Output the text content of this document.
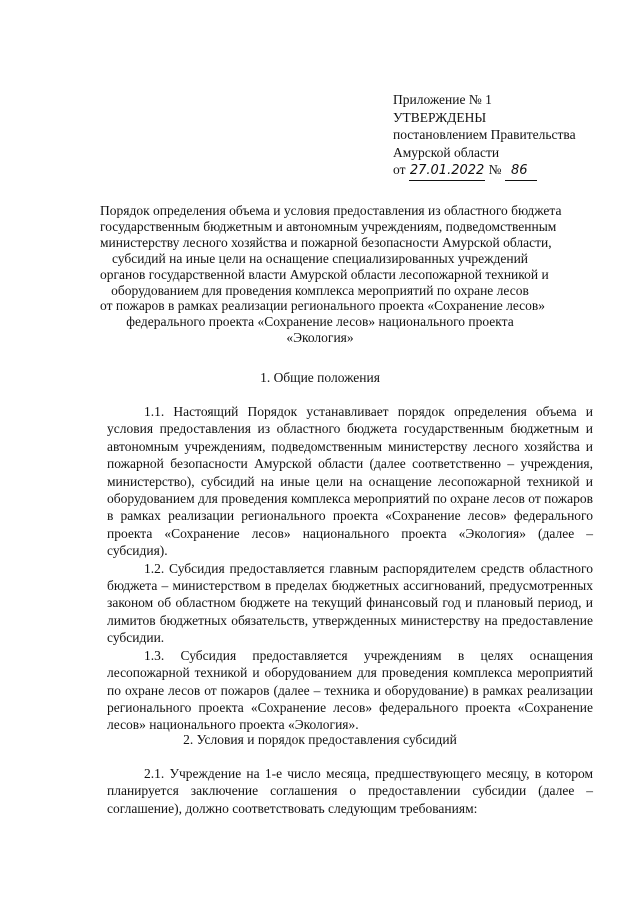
Приложение № 1
УТВЕРЖДЕНЫ
постановлением Правительства
Амурской области
от 27.01.2022 № 86
Порядок определения объема и условия предоставления из областного бюджета
государственным бюджетным и автономным учреждениям, подведомственным
министерству лесного хозяйства и пожарной безопасности Амурской области,
субсидий на иные цели на оснащение специализированных учреждений
органов государственной власти Амурской области лесопожарной техникой и
оборудованием для проведения комплекса мероприятий по охране лесов
от пожаров в рамках реализации регионального проекта «Сохранение лесов»
федерального проекта «Сохранение лесов» национального проекта
«Экология»
1. Общие положения

1.1. Настоящий Порядок устанавливает порядок определения объема и условия предоставления из областного бюджета государственным бюджетным и автономным учреждениям, подведомственным министерству лесного хозяйства и пожарной безопасности Амурской области (далее соответственно – учреждения, министерство), субсидий на иные цели на оснащение лесопожарной техникой и оборудованием для проведения комплекса мероприятий по охране лесов от пожаров в рамках реализации регионального проекта «Сохранение лесов» федерального проекта «Сохранение лесов» национального проекта «Экология» (далее – субсидия).

1.2. Субсидия предоставляется главным распорядителем средств областного бюджета – министерством в пределах бюджетных ассигнований, предусмотренных законом об областном бюджете на текущий финансовый год и плановый период, и лимитов бюджетных обязательств, утвержденных министерству на предоставление субсидии.

1.3. Субсидия предоставляется учреждениям в целях оснащения лесопожарной техникой и оборудованием для проведения комплекса мероприятий по охране лесов от пожаров (далее – техника и оборудование) в рамках реализации регионального проекта «Сохранение лесов» федерального проекта «Сохранение лесов» национального проекта «Экология».

2. Условия и порядок предоставления субсидий

2.1. Учреждение на 1-е число месяца, предшествующего месяцу, в котором планируется заключение соглашения о предоставлении субсидии (далее – соглашение), должно соответствовать следующим требованиям:
